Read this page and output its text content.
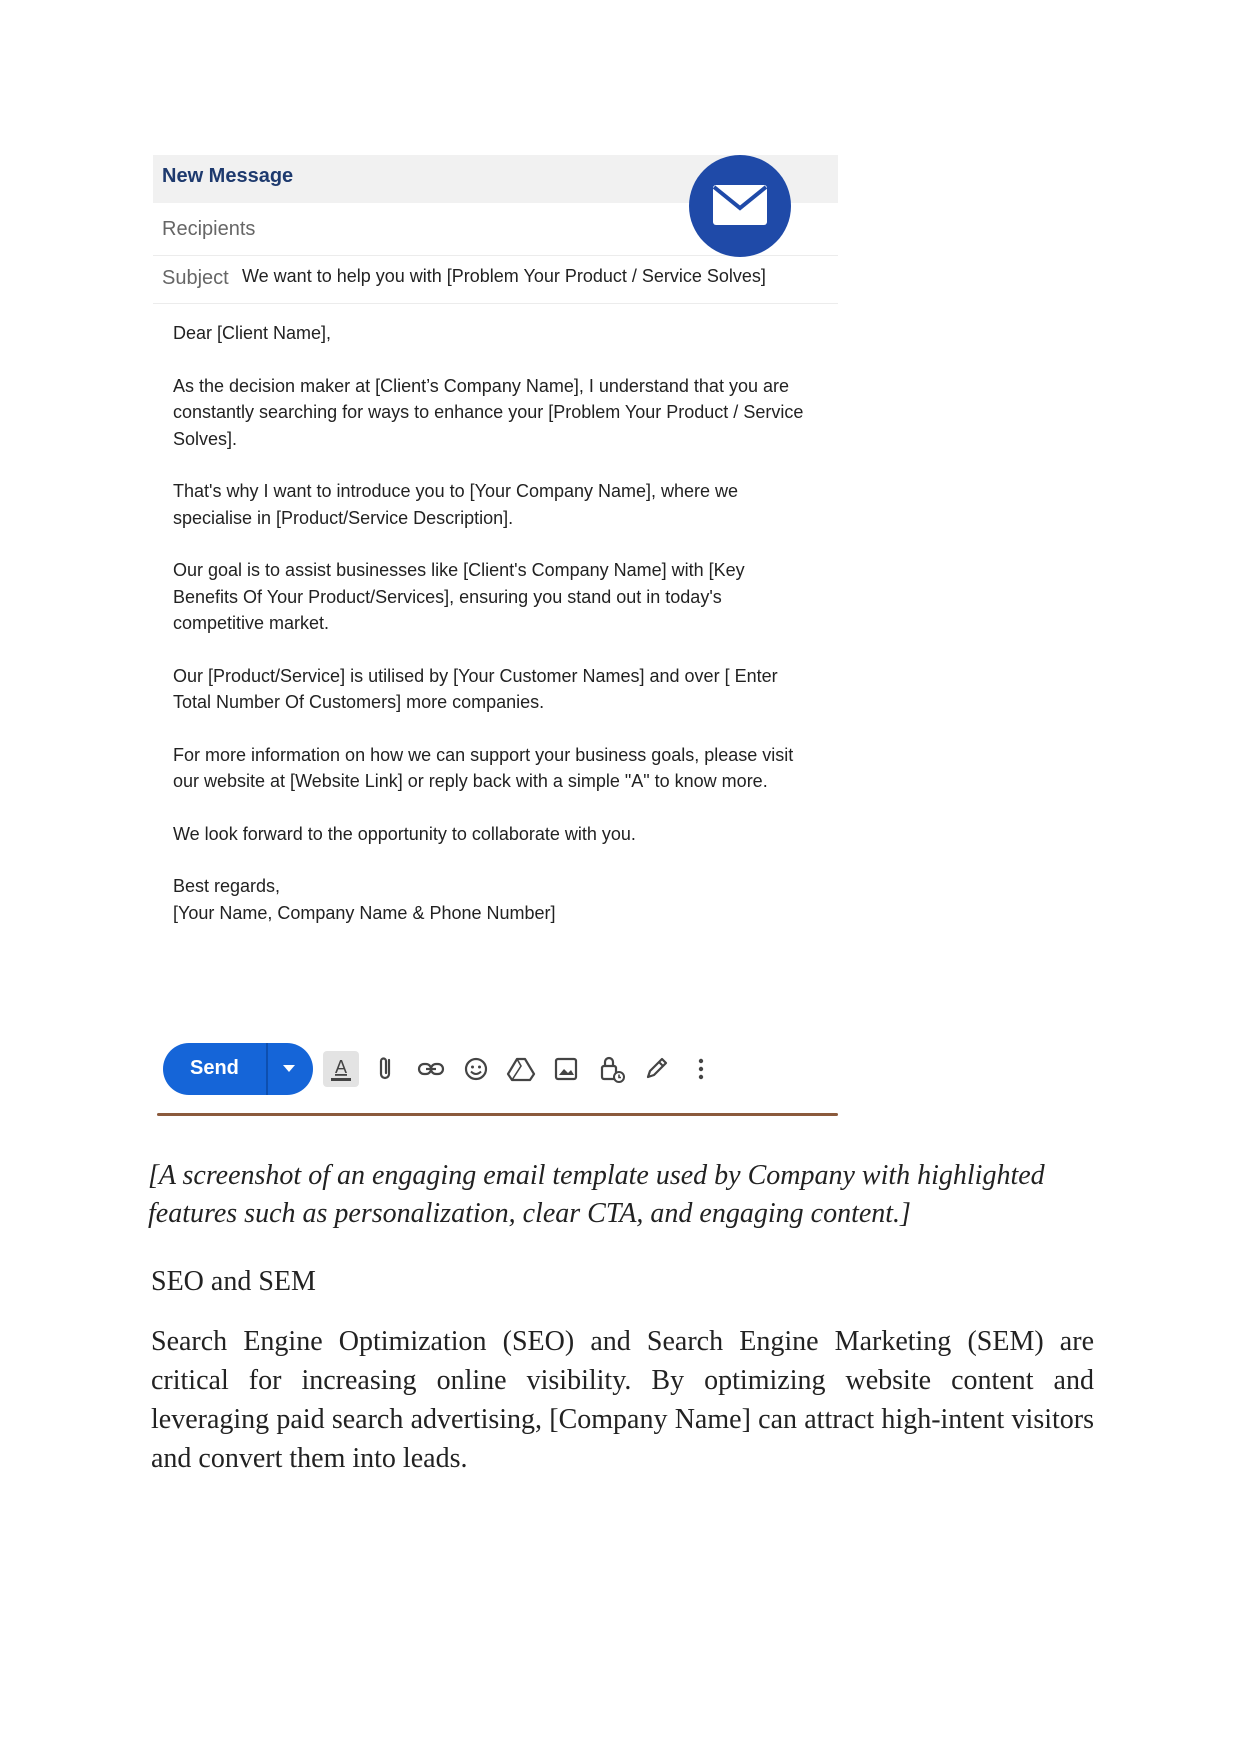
New Message
Recipients
Subject We want to help you with [Problem Your Product / Service Solves]

Dear [Client Name],

As the decision maker at [Client’s Company Name], I understand that you are constantly searching for ways to enhance your [Problem Your Product / Service Solves].

That's why I want to introduce you to [Your Company Name], where we specialise in [Product/Service Description].

Our goal is to assist businesses like [Client's Company Name] with [Key Benefits Of Your Product/Services], ensuring you stand out in today's competitive market.

Our [Product/Service] is utilised by [Your Customer Names] and over [ Enter Total Number Of Customers] more companies.

For more information on how we can support your business goals, please visit our website at [Website Link] or reply back with a simple "A" to know more.

We look forward to the opportunity to collaborate with you.

Best regards,

[Your Name, Company Name & Phone Number]

Send	A
[A screenshot of an engaging email template used by Company with highlighted features such as personalization, clear CTA, and engaging content.]
SEO and SEM
Search Engine Optimization (SEO) and Search Engine Marketing (SEM) are critical for increasing online visibility. By optimizing website content and leveraging paid search advertising, [Company Name] can attract high-intent visitors and convert them into leads.
